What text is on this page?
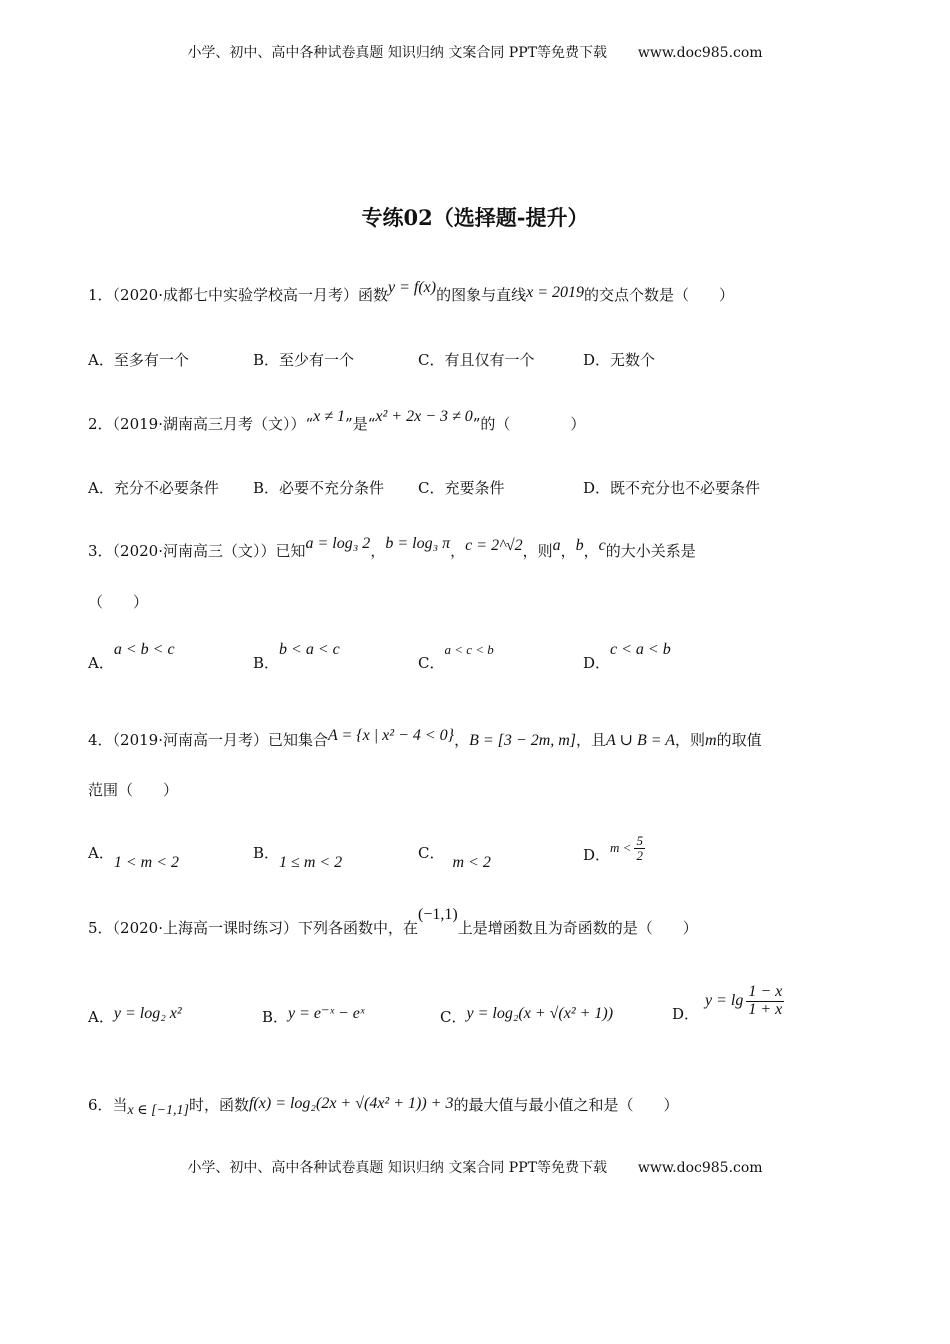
小学、初中、高中各种试卷真题 知识归纳 文案合同 PPT等免费下载 www.doc985.com
专练02（选择题-提升）
1．（2020·成都七中实验学校高一月考）函数y = f(x)的图象与直线x = 2019的交点个数是（　　）
A．至多有一个	B．至少有一个	C．有且仅有一个	D．无数个
2．（2019·湖南高三月考（文））“x ≠ 1”是“x² + 2x − 3 ≠ 0”的（　　　　）
A．充分不必要条件 B．必要不充分条件 C．充要条件	D．既不充分也不必要条件
3．（2020·河南高三（文））已知a = log₃ 2，b = log₃ π，c = 2^√2，则a，b，c的大小关系是
（　　）
A．a < b < c
B．b < a < c
C．a < c < b
D．c < a < b
4．（2019·河南高一月考）已知集合A = {x | x² − 4 < 0}，B = [3 − 2m, m]，且A ∪ B = A，则m的取值
范围（　　）
A．1 < m < 2
B．1 ≤ m < 2
C．m < 2	D．$m < \frac{5}{2}$
5．（2020·上海高一课时练习）下列各函数中，在(−1,1)上是增函数且为奇函数的是（　　）
A．y = log₂ x²	B．y = e⁻ˣ − eˣ	C．y = log₂(x + √(x² + 1))	D．$y = \lg \frac{1 - x}{1 + x}$
6．当x ∈ [−1,1]时，函数f(x) = log₂(2x + √(4x² + 1)) + 3的最大值与最小值之和是（　　）
小学、初中、高中各种试卷真题 知识归纳 文案合同 PPT等免费下载 www.doc985.com
